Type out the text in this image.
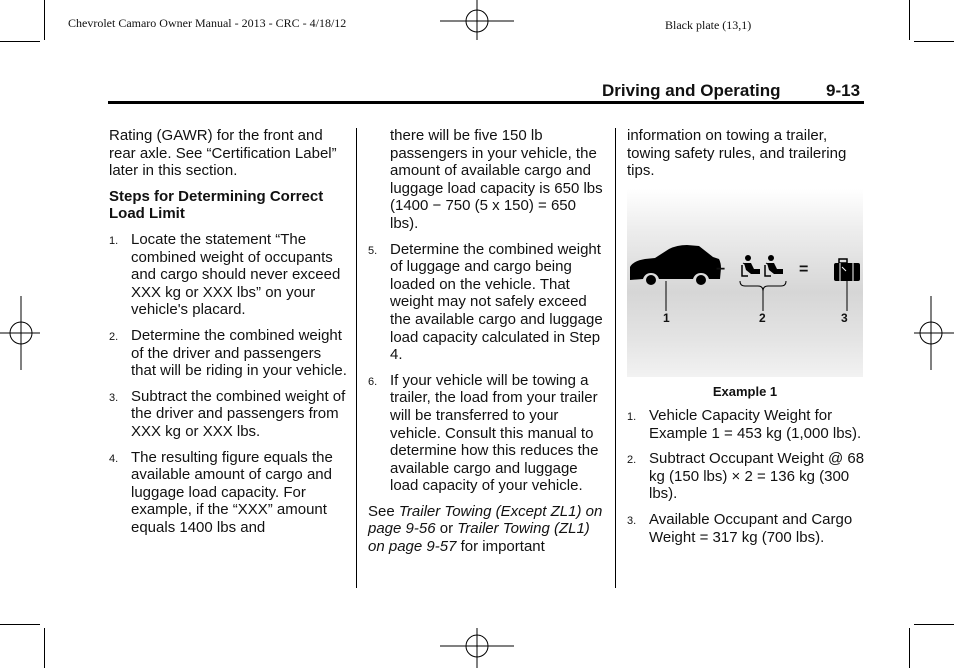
Chevrolet Camaro Owner Manual - 2013 - CRC - 4/18/12	Black plate (13,1)
Driving and Operating	9-13

Rating (GAWR) for the front and rear axle. See “Certification Label” later in this section.

Steps for Determining Correct Load Limit

1. Locate the statement “The combined weight of occupants and cargo should never exceed XXX kg or XXX lbs” on your vehicle's placard.
2. Determine the combined weight of the driver and passengers that will be riding in your vehicle.
3. Subtract the combined weight of the driver and passengers from XXX kg or XXX lbs.
4. The resulting figure equals the available amount of cargo and luggage load capacity. For example, if the “XXX” amount equals 1400 lbs and

there will be five 150 lb passengers in your vehicle, the amount of available cargo and luggage load capacity is 650 lbs (1400 − 750 (5 x 150) = 650 lbs).

5. Determine the combined weight of luggage and cargo being loaded on the vehicle. That weight may not safely exceed the available cargo and luggage load capacity calculated in Step 4.
6. If your vehicle will be towing a trailer, the load from your trailer will be transferred to your vehicle. Consult this manual to determine how this reduces the available cargo and luggage load capacity of your vehicle.

See Trailer Towing (Except ZL1) on page 9-56 or Trailer Towing (ZL1) on page 9-57 for important

information on towing a trailer, towing safety rules, and trailering tips.

−	=
1	2	3
Example 1
1. Vehicle Capacity Weight for Example 1 = 453 kg (1,000 lbs).
2. Subtract Occupant Weight @ 68 kg (150 lbs) × 2 = 136 kg (300 lbs).
3. Available Occupant and Cargo Weight = 317 kg (700 lbs).
